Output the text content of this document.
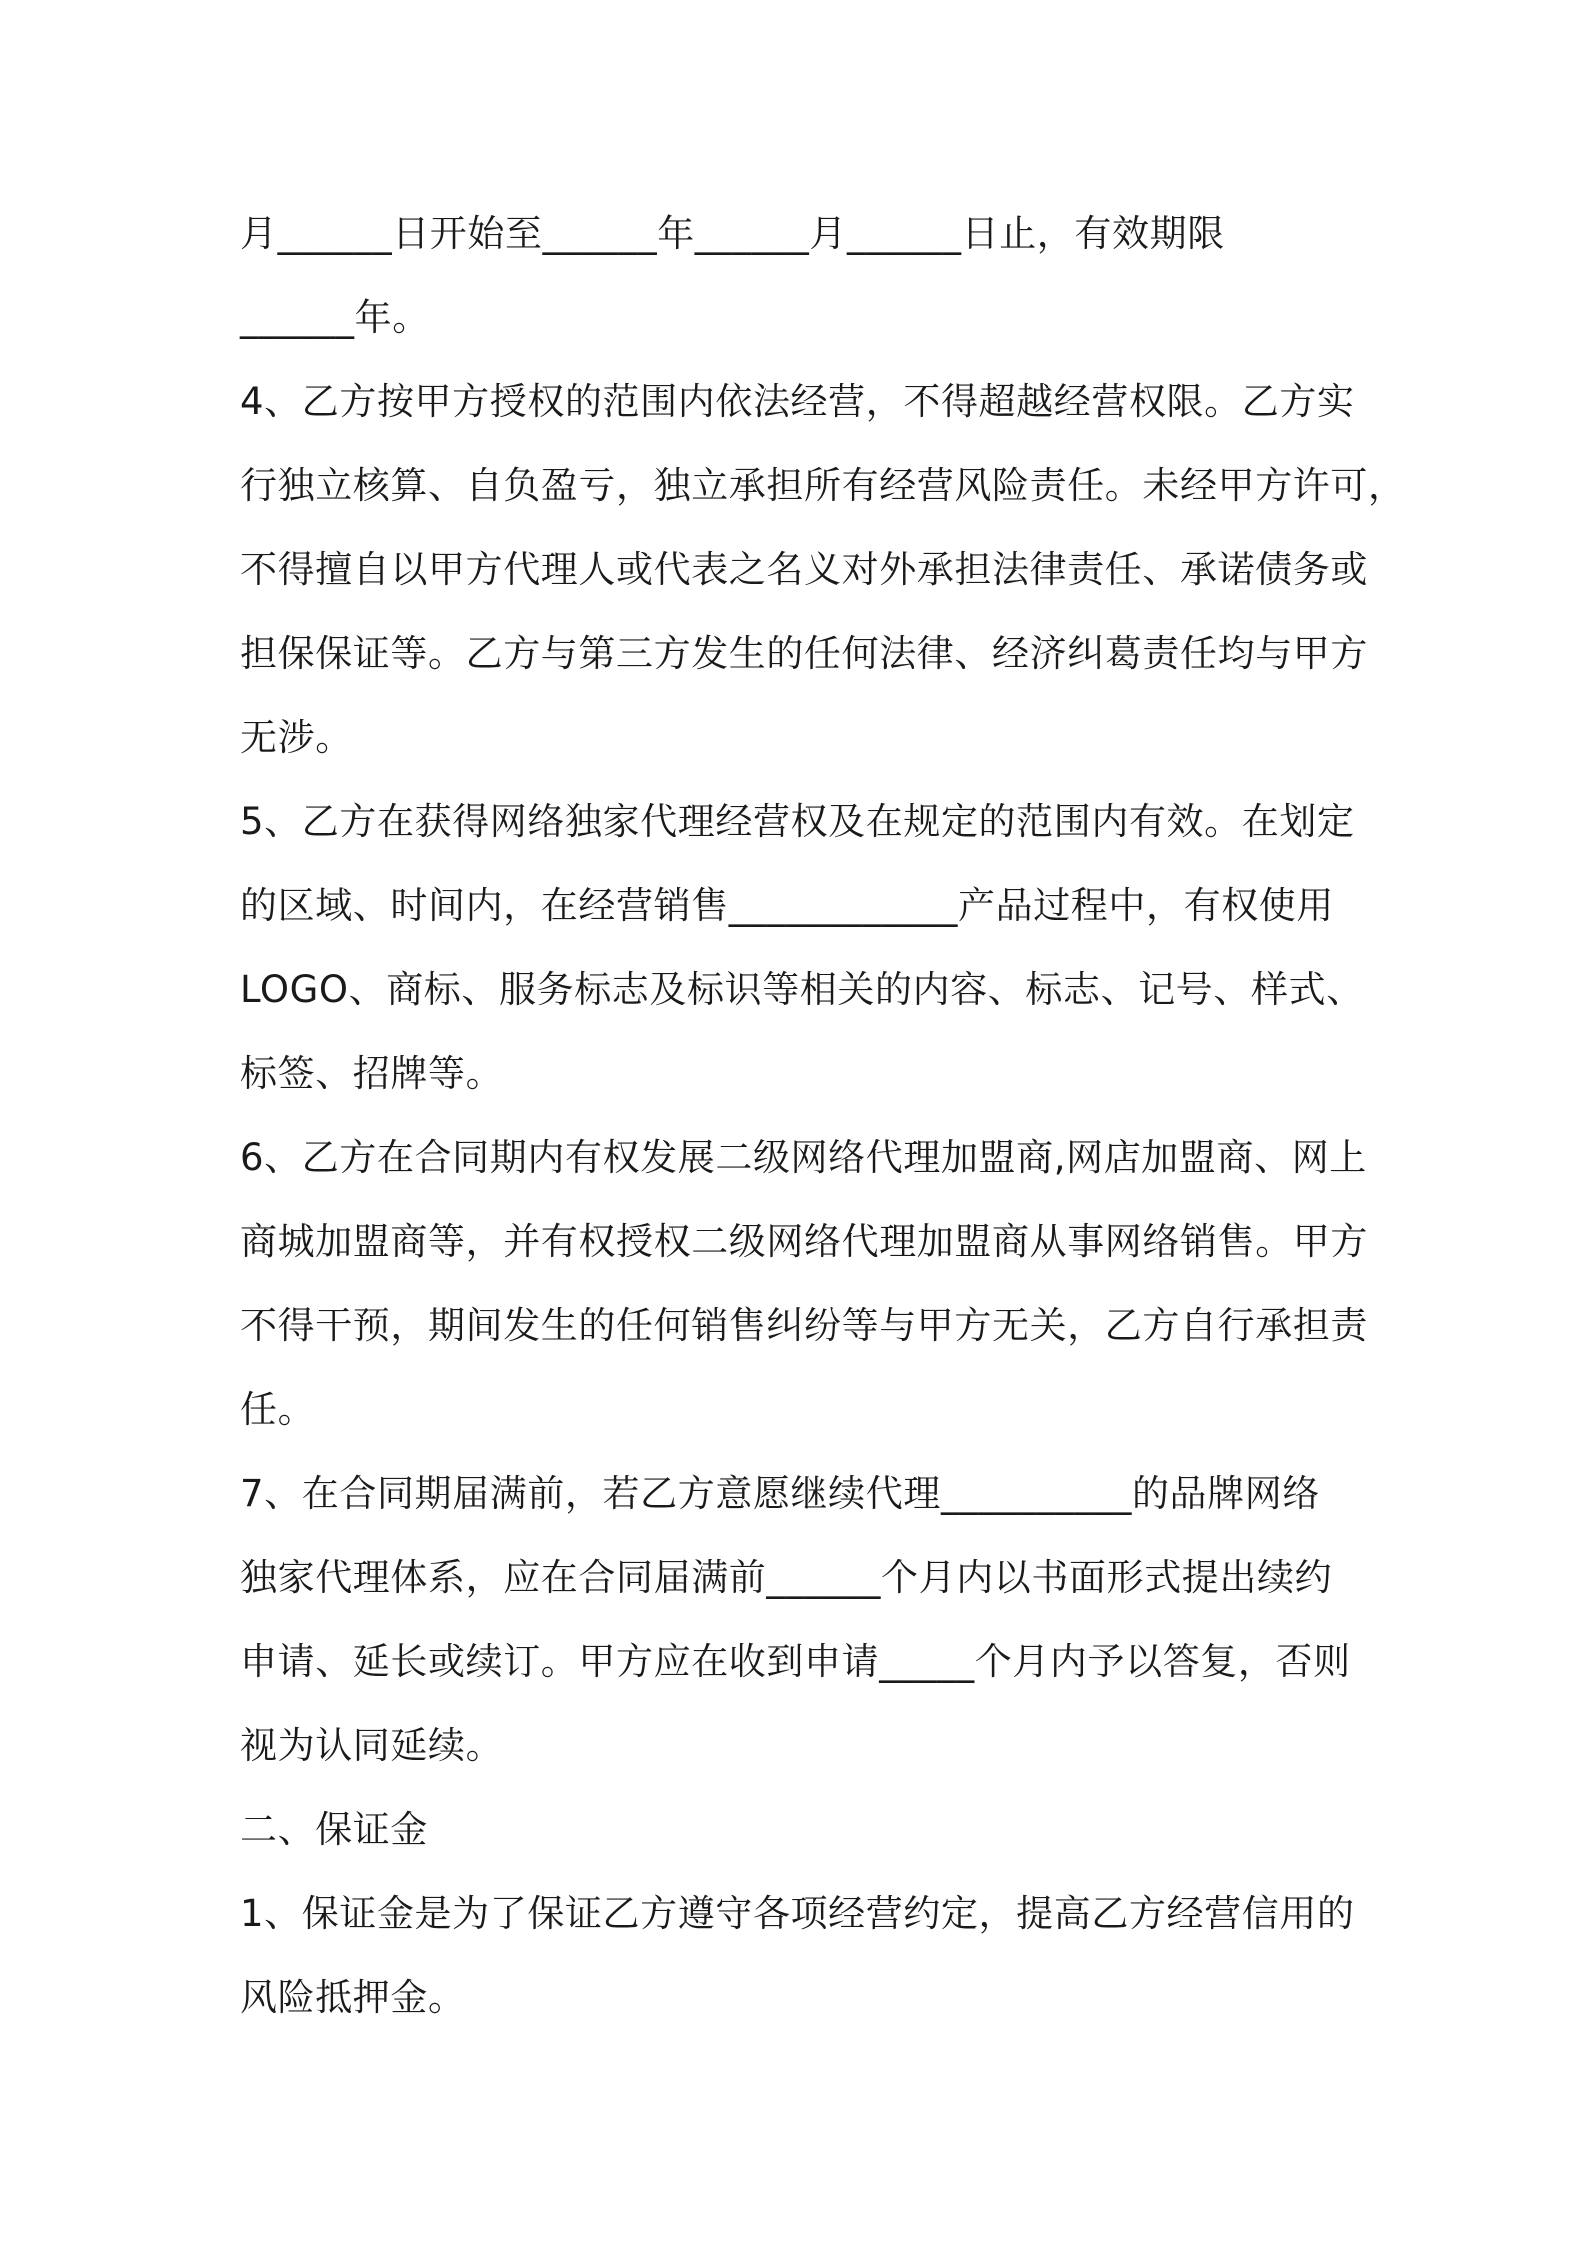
月______日开始至______年______月______日止，有效期限
______年。
4、乙方按甲方授权的范围内依法经营，不得超越经营权限。乙方实
行独立核算、自负盈亏，独立承担所有经营风险责任。未经甲方许可，
不得擅自以甲方代理人或代表之名义对外承担法律责任、承诺债务或
担保保证等。乙方与第三方发生的任何法律、经济纠葛责任均与甲方
无涉。
5、乙方在获得网络独家代理经营权及在规定的范围内有效。在划定
的区域、时间内，在经营销售____________产品过程中，有权使用
LOGO、商标、服务标志及标识等相关的内容、标志、记号、样式、
标签、招牌等。
6、乙方在合同期内有权发展二级网络代理加盟商,网店加盟商、网上
商城加盟商等，并有权授权二级网络代理加盟商从事网络销售。甲方
不得干预，期间发生的任何销售纠纷等与甲方无关，乙方自行承担责
任。
7、在合同期届满前，若乙方意愿继续代理__________的品牌网络
独家代理体系，应在合同届满前______个月内以书面形式提出续约
申请、延长或续订。甲方应在收到申请_____个月内予以答复，否则
视为认同延续。
二、保证金
1、保证金是为了保证乙方遵守各项经营约定，提高乙方经营信用的
风险抵押金。
